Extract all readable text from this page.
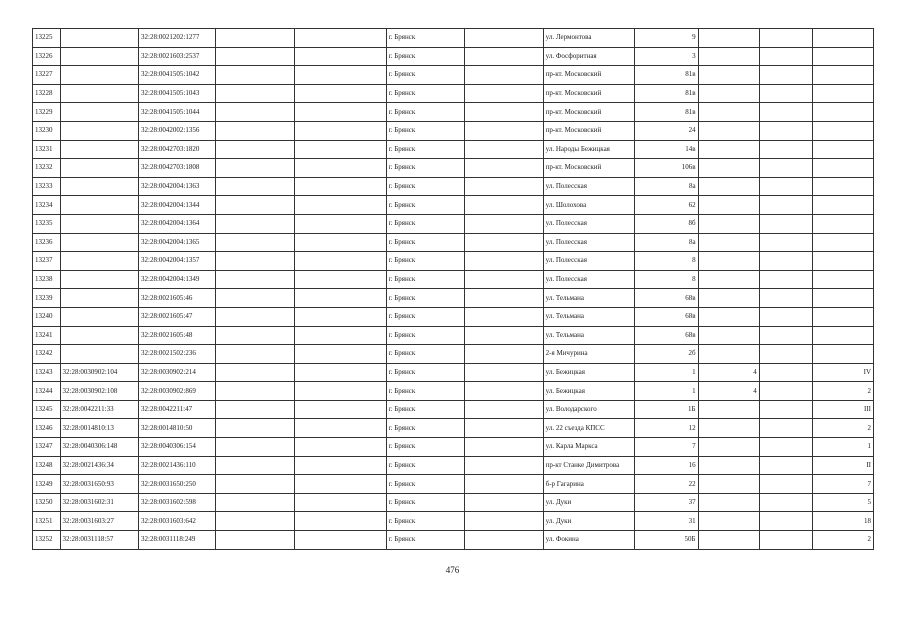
13225		32:28:0021202:1277			г. Брянск		ул. Лермонтова	9			
13226		32:28:0021603:2537			г. Брянск		ул. Фосфоритная	3			
13227		32:28:0041505:1042			г. Брянск		пр-кт. Московский	81в			
13228		32:28:0041505:1043			г. Брянск		пр-кт. Московский	81в			
13229		32:28:0041505:1044			г. Брянск		пр-кт. Московский	81в			
13230		32:28:0042002:1356			г. Брянск		пр-кт. Московский	24			
13231		32:28:0042703:1820			г. Брянск		ул. Народы Бежицкая	14в			
13232		32:28:0042703:1808			г. Брянск		пр-кт. Московский	106в			
13233		32:28:0042004:1363			г. Брянск		ул. Полесская	8а			
13234		32:28:0042004:1344			г. Брянск		ул. Шолохова	62			
13235		32:28:0042004:1364			г. Брянск		ул. Полесская	8б			
13236		32:28:0042004:1365			г. Брянск		ул. Полесская	8а			
13237		32:28:0042004:1357			г. Брянск		ул. Полесская	8			
13238		32:28:0042004:1349			г. Брянск		ул. Полесская	8			
13239		32:28:0021605:46			г. Брянск		ул. Тельмана	68в			
13240		32:28:0021605:47			г. Брянск		ул. Тельмана	68в			
13241		32:28:0021605:48			г. Брянск		ул. Тельмана	68в			
13242		32:28:0021502:236			г. Брянск		2-я Мичурина	2б			
13243	32:28:0030902:104	32:28:0030902:214			г. Брянск		ул. Бежицкая	1	4		IV
13244	32:28:0030902:108	32:28:0030902:869			г. Брянск		ул. Бежицкая	1	4		2
13245	32:28:0042211:33	32:28:0042211:47			г. Брянск		ул. Володарского	1Б			III
13246	32:28:0014810:13	32:28:0014810:50			г. Брянск		ул. 22 съезда КПСС	12			2
13247	32:28:0040306:148	32:28:0040306:154			г. Брянск		ул. Карла Маркса	7			1
13248	32:28:0021436:34	32:28:0021436:110			г. Брянск		пр-кт Станке Димитрова	16			II
13249	32:28:0031650:93	32:28:0031650:250			г. Брянск		б-р Гагарина	22			7
13250	32:28:0031602:31	32:28:0031602:598			г. Брянск		ул. Дуки	37			5
13251	32:28:0031603:27	32:28:0031603:642			г. Брянск		ул. Дуки	31			18
13252	32:28:0031118:57	32:28:0031118:249			г. Брянск		ул. Фокина	50Б			2
476
